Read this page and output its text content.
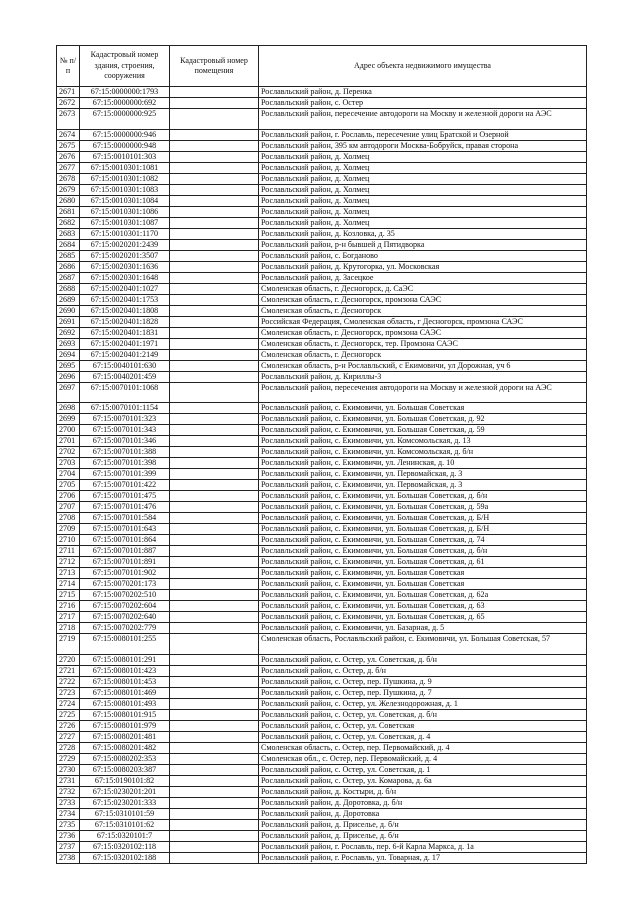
№ п/п	Кадастровый номер здания, строения, сооружения	Кадастровый номер помещения	Адрес объекта недвижимого имущества
2671	67:15:0000000:1793		Рославльский район, д. Перенка
2672	67:15:0000000:692		Рославльский район, с. Остер
2673	67:15:0000000:925		Рославльский район, пересечение автодороги на Москву и железной дороги на АЭС
2674	67:15:0000000:946		Рославльский район, г. Рославль, пересечение улиц Братской и Озерной
2675	67:15:0000000:948		Рославльский район, 395 км автодороги Москва-Бобруйск, правая сторона
2676	67:15:0010101:303		Рославльский район, д. Холмец
2677	67:15:0010301:1081		Рославльский район, д. Холмец
2678	67:15:0010301:1082		Рославльский район, д. Холмец
2679	67:15:0010301:1083		Рославльский район, д. Холмец
2680	67:15:0010301:1084		Рославльский район, д. Холмец
2681	67:15:0010301:1086		Рославльский район, д. Холмец
2682	67:15:0010301:1087		Рославльский район, д. Холмец
2683	67:15:0010301:1170		Рославльский район, д. Козловка, д. 35
2684	67:15:0020201:2439		Рославльский район, р-н бывшей д Пятидворка
2685	67:15:0020201:3507		Рославльский район, с. Богданово
2686	67:15:0020301:1636		Рославльский район, д. Крутогорка, ул. Московская
2687	67:15:0020301:1648		Рославльский район, д. Засецкое
2688	67:15:0020401:1027		Смоленская область, г. Десногорск, д. СаЭС
2689	67:15:0020401:1753		Смоленская область, г. Десногорск, промзона САЭС
2690	67:15:0020401:1808		Смоленская область, г. Десногорск
2691	67:15:0020401:1828		Российская Федерация, Смоленская область, г Десногорск, промзона САЭС
2692	67:15:0020401:1831		Смоленская область, г. Десногорск, промзона САЭС
2693	67:15:0020401:1971		Смоленская область, г. Десногорск, тер. Промзона САЭС
2694	67:15:0020401:2149		Смоленская область, г. Десногорск
2695	67:15:0040101:630		Смоленская область, р-н Рославльский, с Екимовичи, ул Дорожная, уч 6
2696	67:15:0040201:459		Рославльский район, д. Кириллы-3
2697	67:15:0070101:1068		Рославльский район, пересечения автодороги на Москву и железной дороги на АЭС
2698	67:15:0070101:1154		Рославльский район, с. Екимовичи, ул. Большая Советская
2699	67:15:0070101:323		Рославльский район, с. Екимовичи, ул. Большая Советская, д. 92
2700	67:15:0070101:343		Рославльский район, с. Екимовичи, ул. Большая Советская, д. 59
2701	67:15:0070101:346		Рославльский район, с. Екимовичи, ул. Комсомольская, д. 13
2702	67:15:0070101:388		Рославльский район, с. Екимовичи, ул. Комсомольская, д. б/н
2703	67:15:0070101:398		Рославльский район, с. Екимовичи, ул. Ленинская, д. 10
2704	67:15:0070101:399		Рославльский район, с. Екимовичи, ул. Первомайская, д. 3
2705	67:15:0070101:422		Рославльский район, с. Екимовичи, ул. Первомайская, д. 3
2706	67:15:0070101:475		Рославльский район, с. Екимовичи, ул. Большая Советская, д. б/н
2707	67:15:0070101:476		Рославльский район, с. Екимовичи, ул. Большая Советская, д. 59а
2708	67:15:0070101:584		Рославльский район, с. Екимовичи, ул. Большая Советская, д. Б/Н
2709	67:15:0070101:643		Рославльский район, с. Екимовичи, ул. Большая Советская, д. Б/Н
2710	67:15:0070101:864		Рославльский район, с. Екимовичи, ул. Большая Советская, д. 74
2711	67:15:0070101:887		Рославльский район, с. Екимовичи, ул. Большая Советская, д. б/н
2712	67:15:0070101:891		Рославльский район, с. Екимовичи, ул. Большая Советская, д. 61
2713	67:15:0070101:902		Рославльский район, с. Екимовичи, ул. Большая Советская
2714	67:15:0070201:173		Рославльский район, с. Екимовичи, ул. Большая Советская
2715	67:15:0070202:510		Рославльский район, с. Екимовичи, ул. Большая Советская, д. 62а
2716	67:15:0070202:604		Рославльский район, с. Екимовичи, ул. Большая Советская, д. 63
2717	67:15:0070202:640		Рославльский район, с. Екимовичи, ул. Большая Советская, д. 65
2718	67:15:0070202:779		Рославльский район, с. Екимовичи, ул. Базарная, д. 5
2719	67:15:0080101:255		Смоленская область, Рославльский район, с. Екимовичи, ул. Большая Советская, 57
2720	67:15:0080101:291		Рославльский район, с. Остер, ул. Советская, д. б/н
2721	67:15:0080101:423		Рославльский район, с. Остер, д. б/н
2722	67:15:0080101:453		Рославльский район, с. Остер, пер. Пушкина, д. 9
2723	67:15:0080101:469		Рославльский район, с. Остер, пер. Пушкина, д. 7
2724	67:15:0080101:493		Рославльский район, с. Остер, ул. Железнодорожная, д. 1
2725	67:15:0080101:915		Рославльский район, с. Остер, ул. Советская, д. б/н
2726	67:15:0080101:979		Рославльский район, с. Остер, ул. Советская
2727	67:15:0080201:481		Рославльский район, с. Остер, ул. Советская, д. 4
2728	67:15:0080201:482		Смоленская область, с. Остер, пер. Первомайский, д. 4
2729	67:15:0080202:353		Смоленская обл., с. Остер, пер. Первомайский, д. 4
2730	67:15:0080203:387		Рославльский район, с. Остер, ул. Советская, д. 1
2731	67:15:0190101:82		Рославльский район, с. Остер, ул. Комарова, д. 6а
2732	67:15:0230201:201		Рославльский район, д. Костыри, д. б/н
2733	67:15:0230201:333		Рославльский район, д. Доротовка, д. б/н
2734	67:15:0310101:59		Рославльский район, д. Доротовка
2735	67:15:0310101:62		Рославльский район, д. Приселье, д. б/н
2736	67:15:0320101:7		Рославльский район, д. Приселье, д. б/н
2737	67:15:0320102:118		Рославльский район, г. Рославль, пер. 6-й Карла Маркса, д. 1а
2738	67:15:0320102:188		Рославльский район, г. Рославль, ул. Товарная, д. 17
